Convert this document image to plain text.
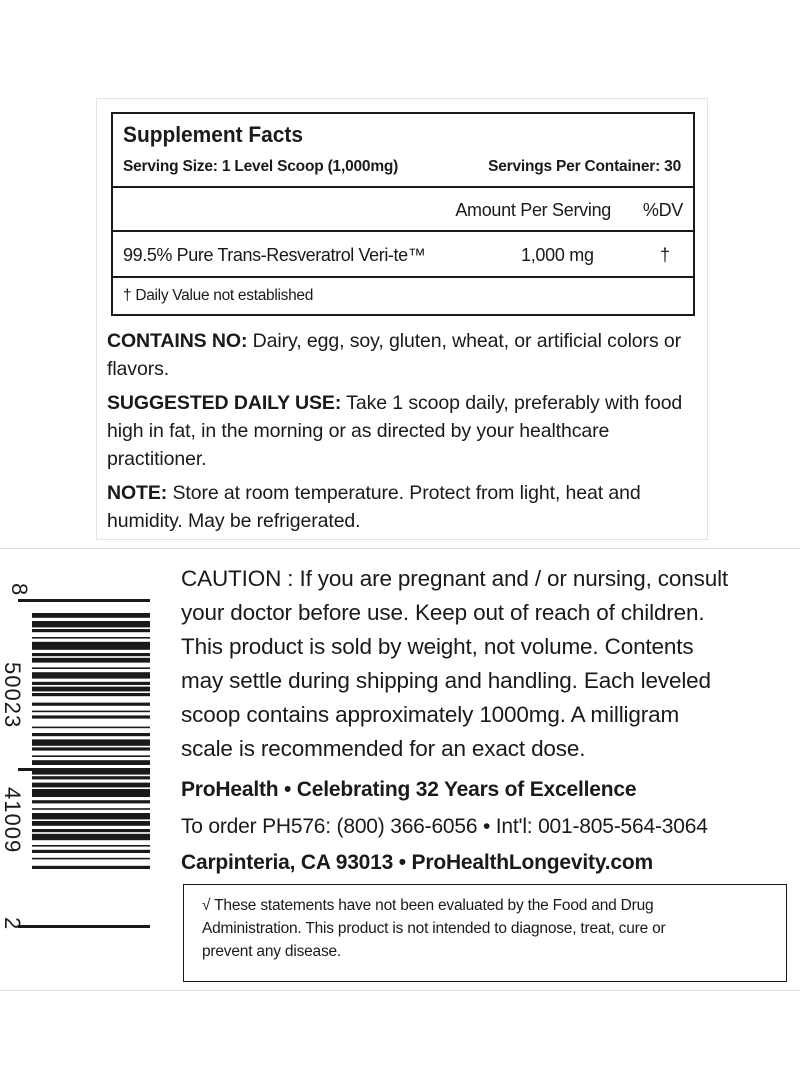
Supplement Facts
Serving Size: 1 Level Scoop (1,000mg)	Servings Per Container: 30
Amount Per Serving %DV
99.5% Pure Trans-Resveratrol Veri-te™	1,000 mg	†
† Daily Value not established
CONTAINS NO: Dairy, egg, soy, gluten, wheat, or artificial colors or flavors.
SUGGESTED DAILY USE: Take 1 scoop daily, preferably with food high in fat, in the morning or as directed by your healthcare practitioner.
NOTE: Store at room temperature. Protect from light, heat and humidity. May be refrigerated.
8
50023
41009
2
CAUTION : If you are pregnant and / or nursing, consult
your doctor before use. Keep out of reach of children.
This product is sold by weight, not volume. Contents
may settle during shipping and handling. Each leveled
scoop contains approximately 1000mg. A milligram
scale is recommended for an exact dose.
ProHealth • Celebrating 32 Years of Excellence
To order PH576: (800) 366-6056 • Int'l: 001-805-564-3064
Carpinteria, CA 93013 • ProHealthLongevity.com
√ These statements have not been evaluated by the Food and Drug
Administration. This product is not intended to diagnose, treat, cure or
prevent any disease.
